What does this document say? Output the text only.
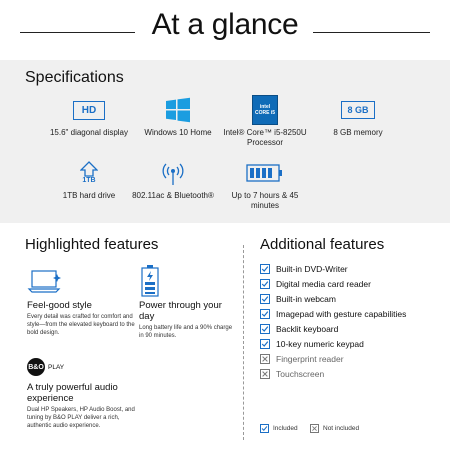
At a glance
Specifications
HD
15.6" diagonal display	Windows 10 Home
intel CORE i5
Intel® Core™ i5-8250U Processor
8 GB
8 GB memory
1TB
1TB hard drive	802.11ac & Bluetooth®	Up to 7 hours & 45 minutes
Highlighted features
Feel-good style
Every detail was crafted for comfort and style—from the elevated keyboard to the bold design.
Power through your day
Long battery life and a 90% charge in 90 minutes.
B&O PLAY
A truly powerful audio experience
Dual HP Speakers, HP Audio Boost, and tuning by B&O PLAY deliver a rich, authentic audio experience.
Additional features
Built-in DVD-Writer
Digital media card reader
Built-in webcam
Imagepad with gesture capabilities
Backlit keyboard
10-key numeric keypad
Fingerprint reader
Touchscreen
Included	Not included
